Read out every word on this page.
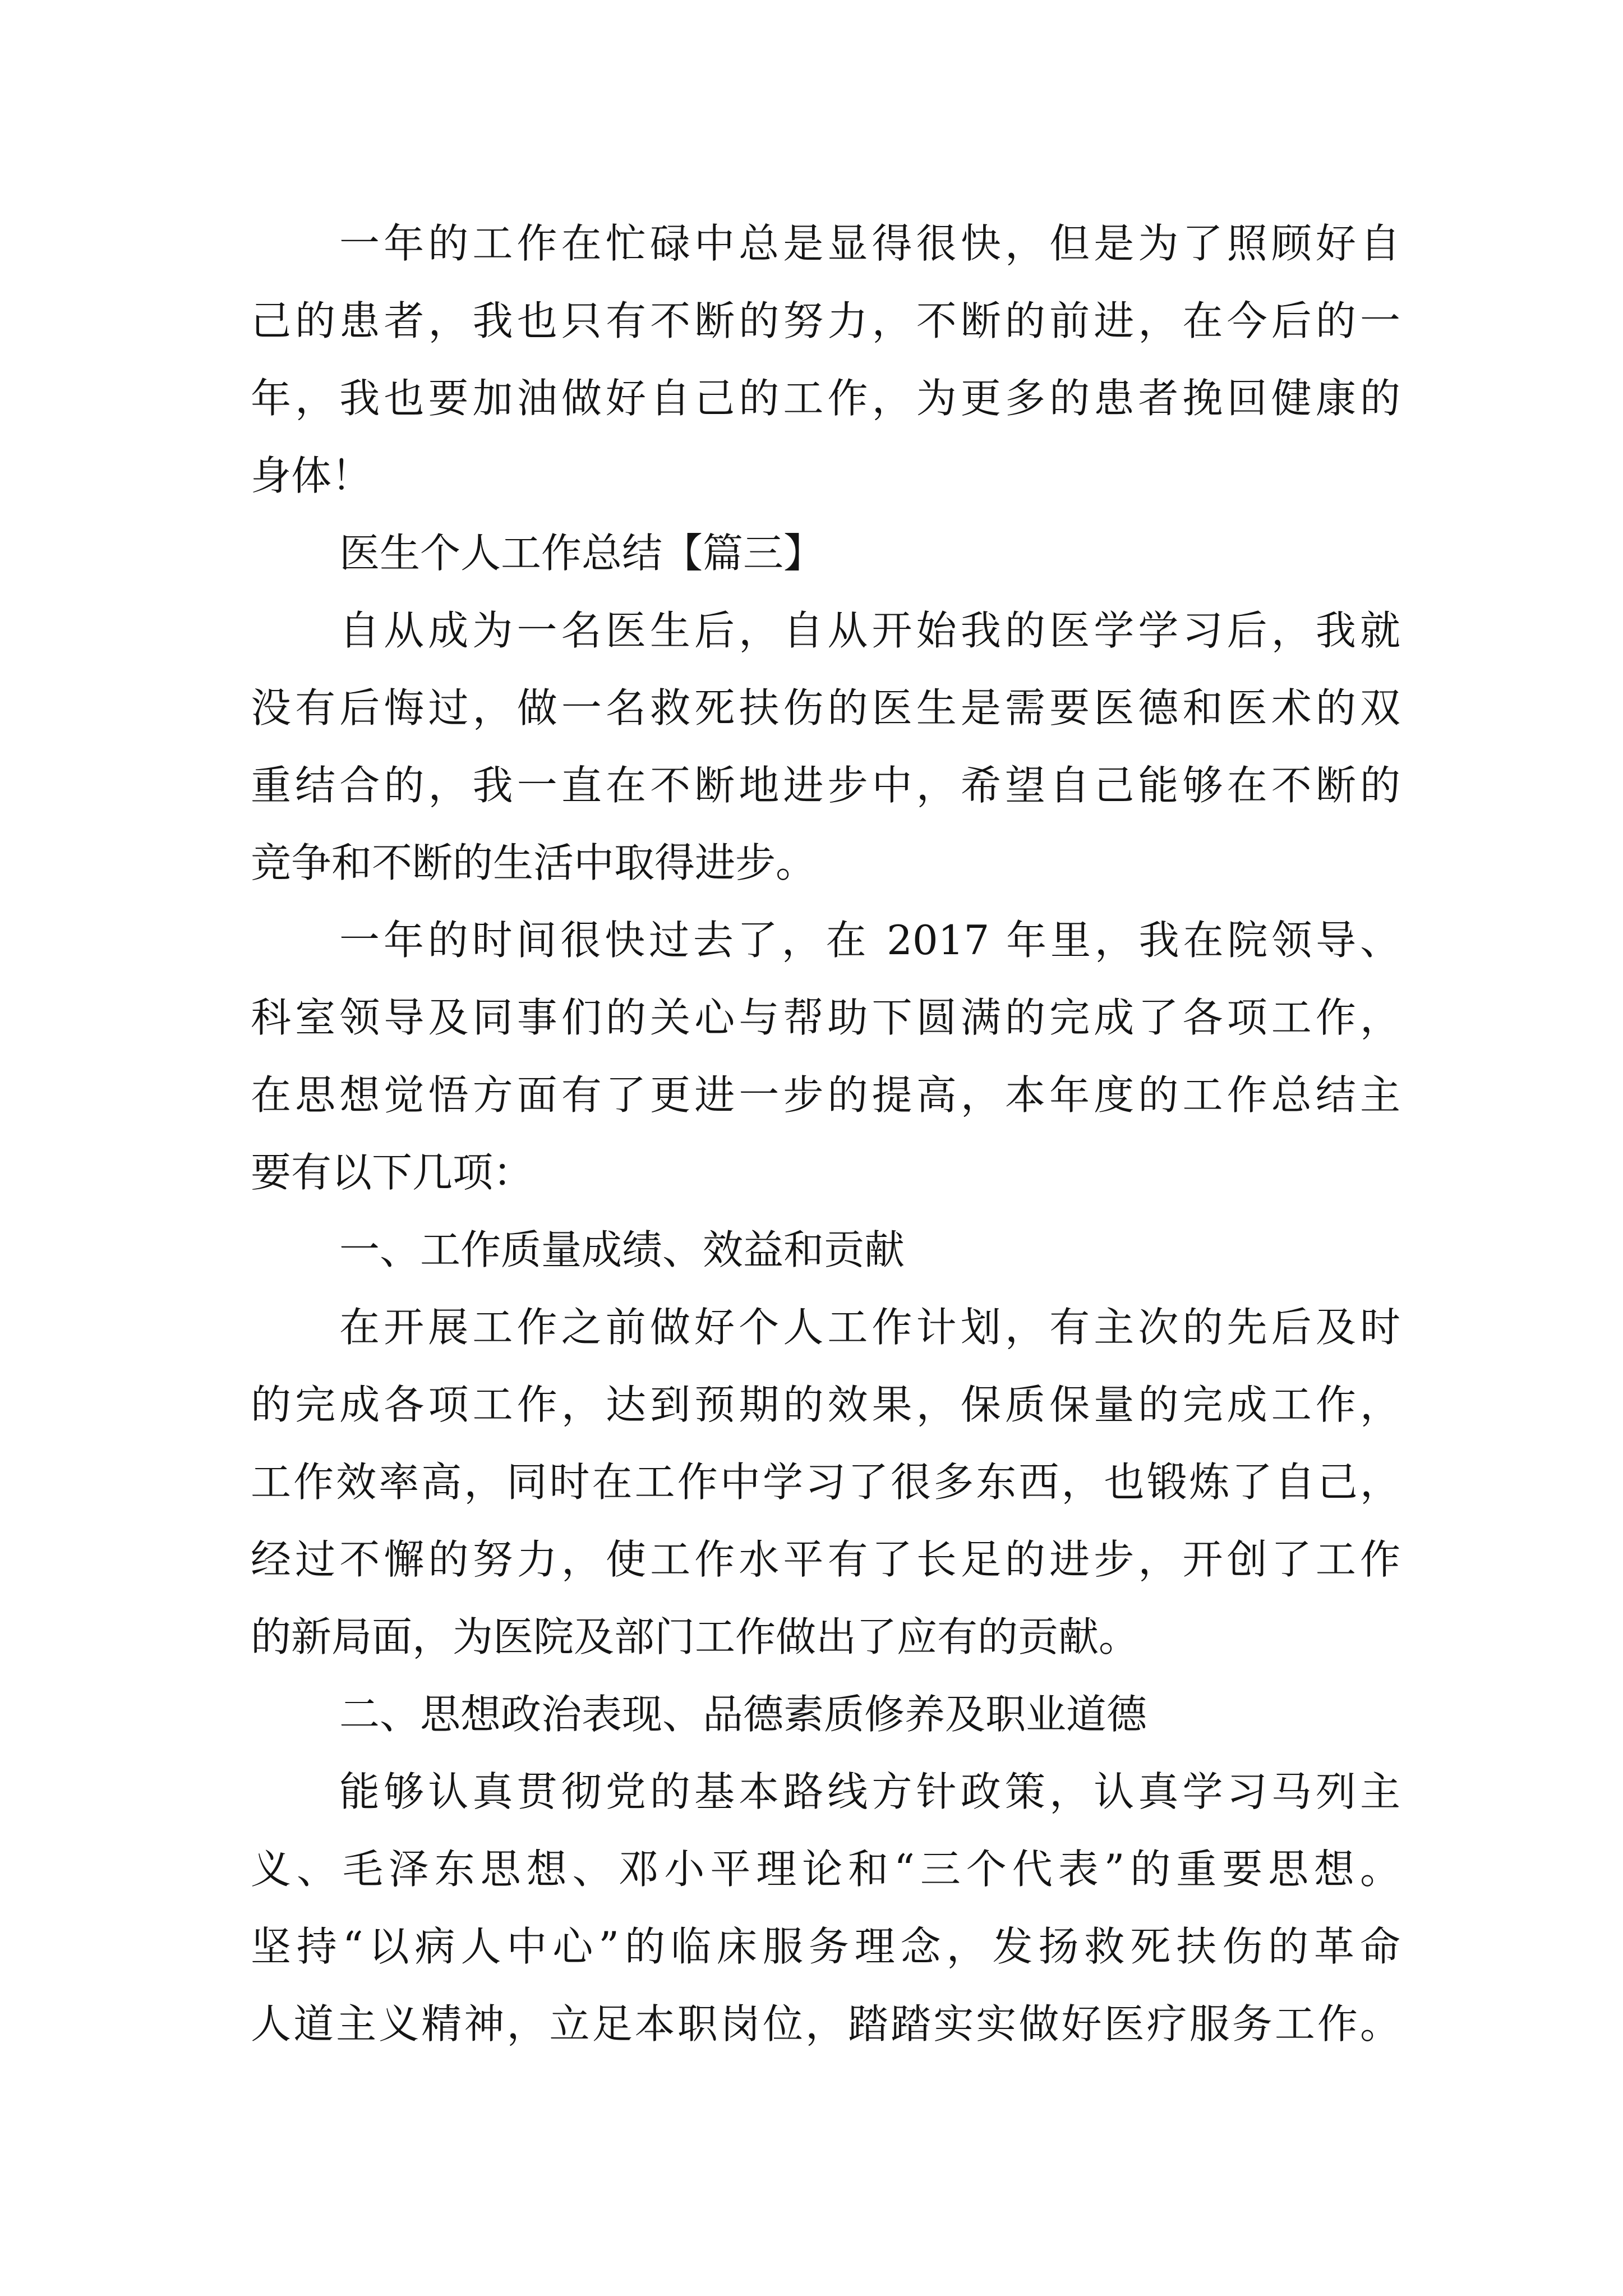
一年的工作在忙碌中总是显得很快，但是为了照顾好自
己的患者，我也只有不断的努力，不断的前进，在今后的一
年，我也要加油做好自己的工作，为更多的患者挽回健康的
身体！
医生个人工作总结【篇三】
自从成为一名医生后，自从开始我的医学学习后，我就
没有后悔过，做一名救死扶伤的医生是需要医德和医术的双
重结合的，我一直在不断地进步中，希望自己能够在不断的
竞争和不断的生活中取得进步。
一年的时间很快过去了，在 2017 年里，我在院领导、
科室领导及同事们的关心与帮助下圆满的完成了各项工作，
在思想觉悟方面有了更进一步的提高，本年度的工作总结主
要有以下几项：
一、工作质量成绩、效益和贡献
在开展工作之前做好个人工作计划，有主次的先后及时
的完成各项工作，达到预期的效果，保质保量的完成工作，
工作效率高，同时在工作中学习了很多东西，也锻炼了自己，
经过不懈的努力，使工作水平有了长足的进步，开创了工作
的新局面，为医院及部门工作做出了应有的贡献。
二、思想政治表现、品德素质修养及职业道德
能够认真贯彻党的基本路线方针政策，认真学习马列主
义、毛泽东思想、邓小平理论和“三个代表”的重要思想。
坚持“以病人中心”的临床服务理念，发扬救死扶伤的革命
人道主义精神，立足本职岗位，踏踏实实做好医疗服务工作。
